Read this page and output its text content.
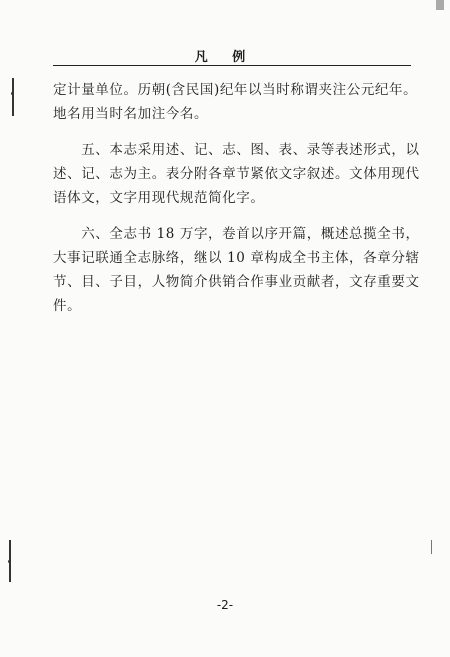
凡 例
定计量单位。历朝(含民国)纪年以当时称谓夹注公元纪年。
地名用当时名加注今名。
　　五、本志采用述、记、志、图、表、录等表述形式，以
述、记、志为主。表分附各章节紧依文字叙述。文体用现代
语体文，文字用现代规范简化字。
　　六、全志书 18 万字，卷首以序开篇，概述总揽全书，
大事记联通全志脉络，继以 10 章构成全书主体，各章分辖
节、目、子目，人物简介供销合作事业贡献者，文存重要文
件。
-2-
